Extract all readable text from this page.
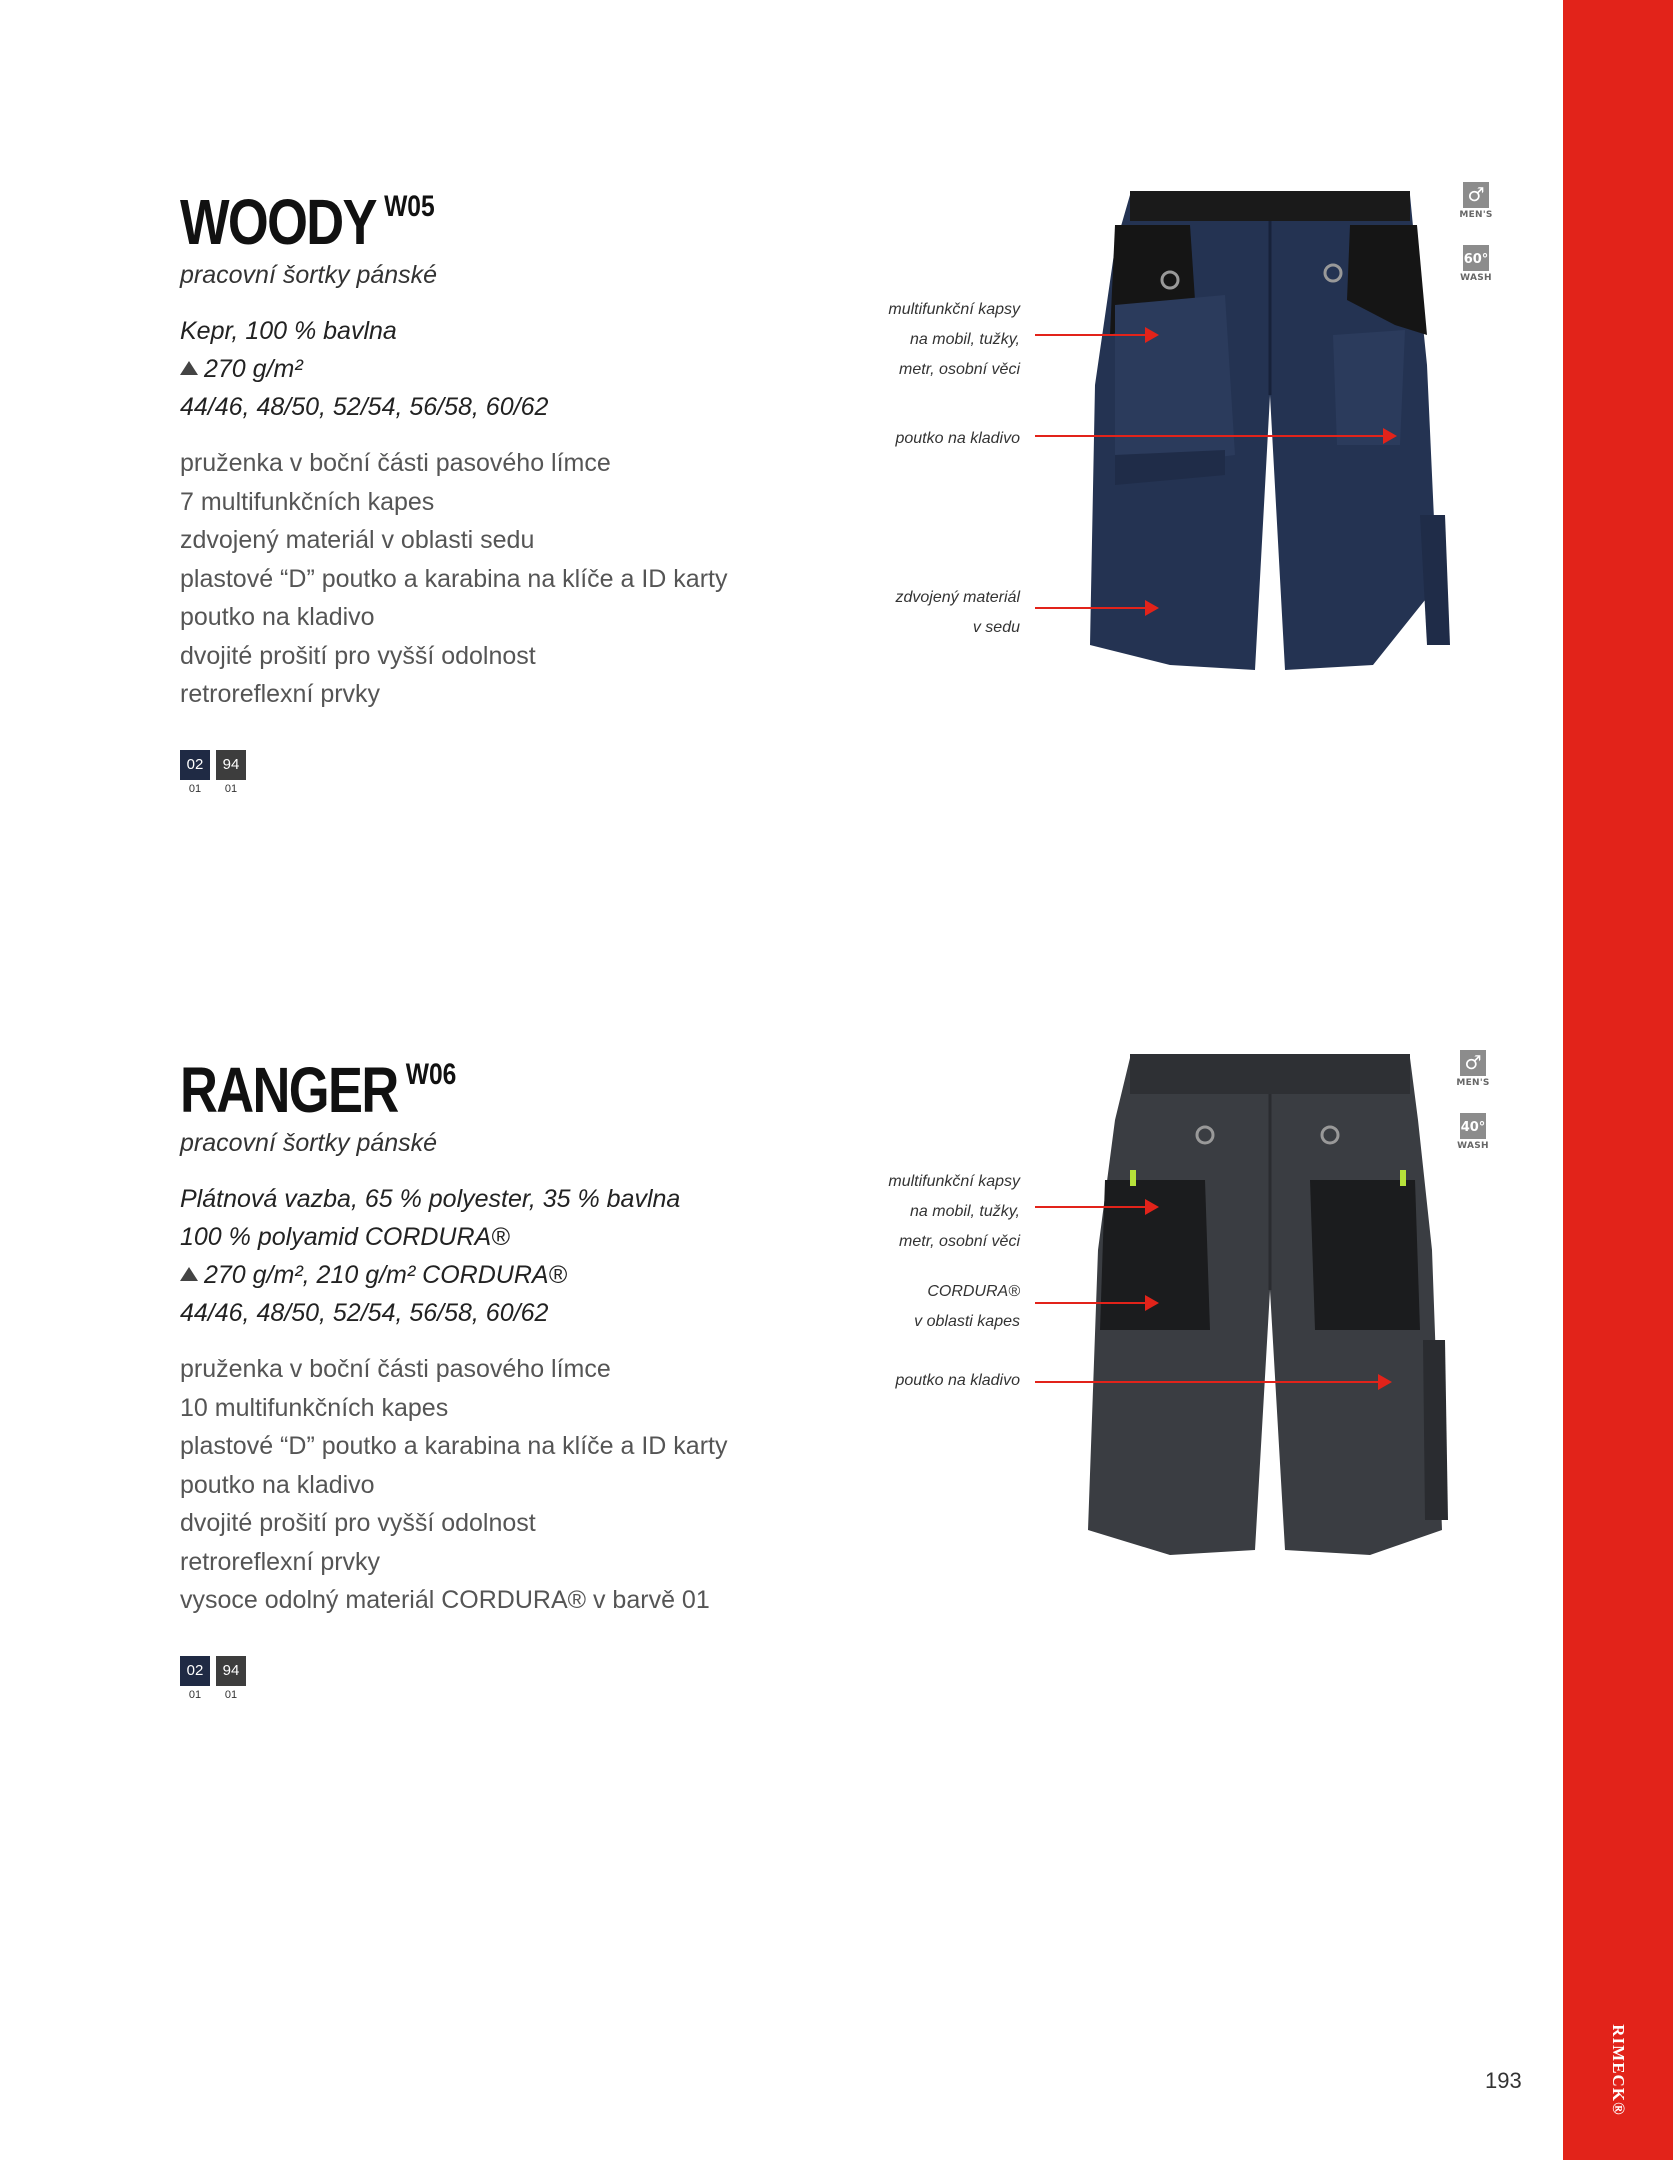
RIMECK®
193
WOODY $^{W05}$
pracovní šortky pánské
Kepr, 100 % bavlna
270 g/m²
44/46, 48/50, 52/54, 56/58, 60/62
pruženka v boční části pasového límce
7 multifunkčních kapes
zdvojený materiál v oblasti sedu
plastové “D” poutko a karabina na klíče a ID karty
poutko na kladivo
dvojité prošití pro vyšší odolnost
retroreflexní prvky
02
01
94
01
multifunkční kapsy
na mobil, tužky,
metr, osobní věci
poutko na kladivo
zdvojený materiál
v sedu
♂
MEN'S
~~ 60°
WASH
RANGER $^{W06}$
pracovní šortky pánské
Plátnová vazba, 65 % polyester, 35 % bavlna
100 % polyamid CORDURA®
270 g/m², 210 g/m² CORDURA®
44/46, 48/50, 52/54, 56/58, 60/62
pruženka v boční části pasového límce
10 multifunkčních kapes
plastové “D” poutko a karabina na klíče a ID karty
poutko na kladivo
dvojité prošití pro vyšší odolnost
retroreflexní prvky
vysoce odolný materiál CORDURA® v barvě 01
02
01
94
01
multifunkční kapsy
na mobil, tužky,
metr, osobní věci
CORDURA®
v oblasti kapes
poutko na kladivo
♂
MEN'S
~~ 40°
WASH
